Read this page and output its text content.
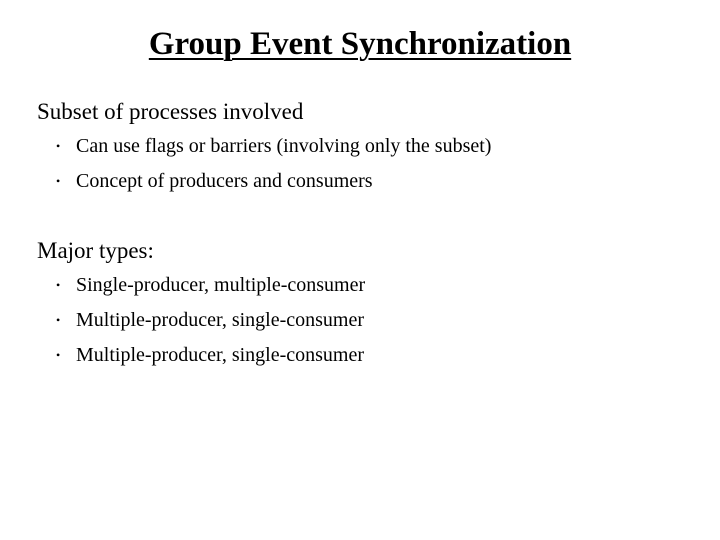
Group Event Synchronization

Subset of processes involved

• Can use flags or barriers (involving only the subset)
• Concept of producers and consumers

Major types:

• Single-producer, multiple-consumer
• Multiple-producer, single-consumer
• Multiple-producer, single-consumer
